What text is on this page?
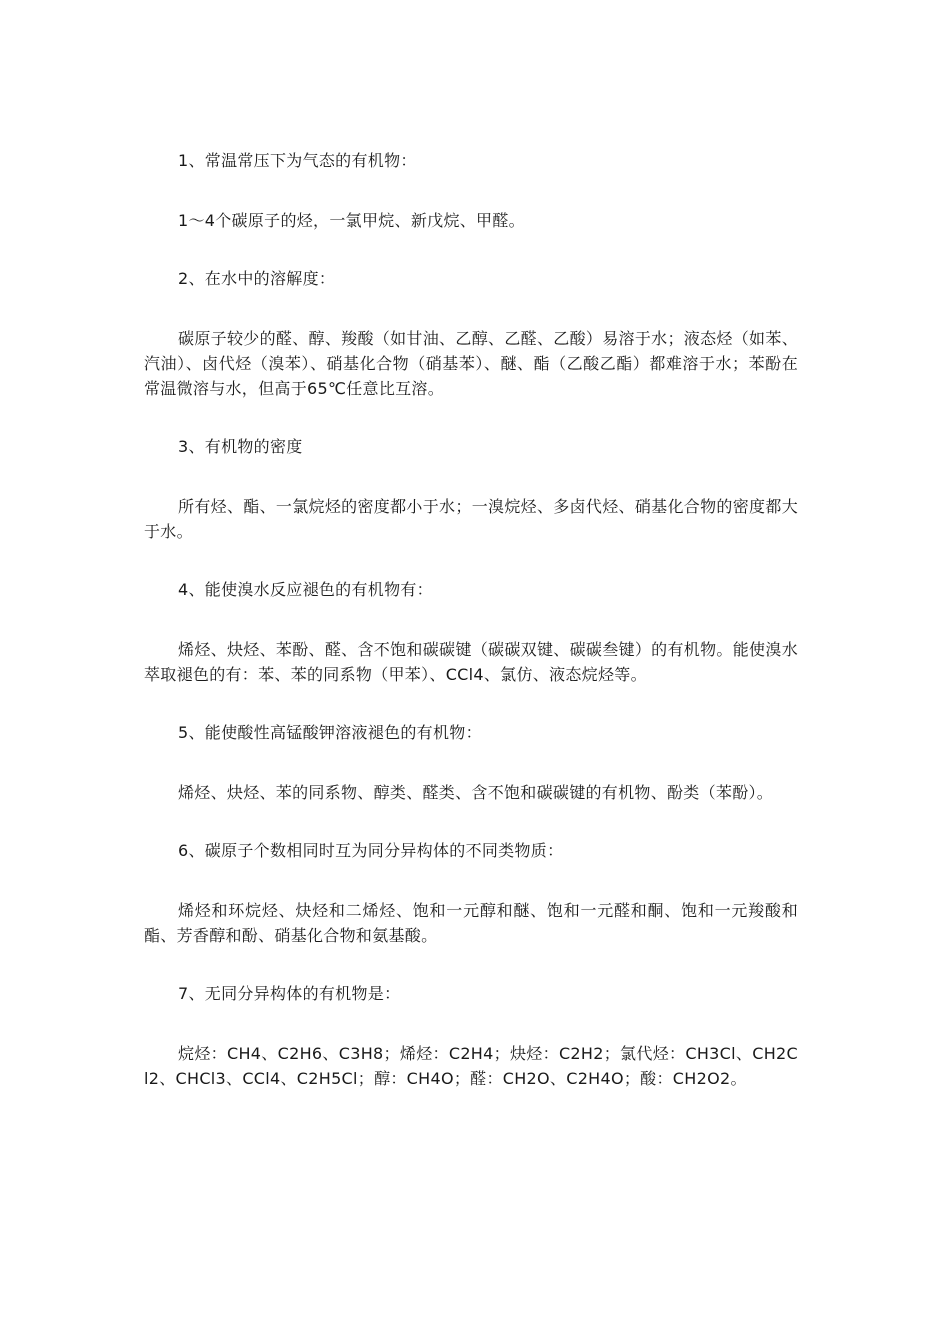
1、常温常压下为气态的有机物：

1～4个碳原子的烃，一氯甲烷、新戊烷、甲醛。

2、在水中的溶解度：

碳原子较少的醛、醇、羧酸（如甘油、乙醇、乙醛、乙酸）易溶于水；液态烃（如苯、汽油）、卤代烃（溴苯）、硝基化合物（硝基苯）、醚、酯（乙酸乙酯）都难溶于水；苯酚在常温微溶与水，但高于65℃任意比互溶。

3、有机物的密度

所有烃、酯、一氯烷烃的密度都小于水；一溴烷烃、多卤代烃、硝基化合物的密度都大于水。

4、能使溴水反应褪色的有机物有：

烯烃、炔烃、苯酚、醛、含不饱和碳碳键（碳碳双键、碳碳叁键）的有机物。能使溴水萃取褪色的有：苯、苯的同系物（甲苯）、CCl4、氯仿、液态烷烃等。

5、能使酸性高锰酸钾溶液褪色的有机物：

烯烃、炔烃、苯的同系物、醇类、醛类、含不饱和碳碳键的有机物、酚类（苯酚）。

6、碳原子个数相同时互为同分异构体的不同类物质：

烯烃和环烷烃、炔烃和二烯烃、饱和一元醇和醚、饱和一元醛和酮、饱和一元羧酸和酯、芳香醇和酚、硝基化合物和氨基酸。

7、无同分异构体的有机物是：

烷烃：CH4、C2H6、C3H8；烯烃：C2H4；炔烃：C2H2；氯代烃：CH3Cl、CH2Cl2、CHCl3、CCl4、C2H5Cl；醇：CH4O；醛：CH2O、C2H4O；酸：CH2O2。
